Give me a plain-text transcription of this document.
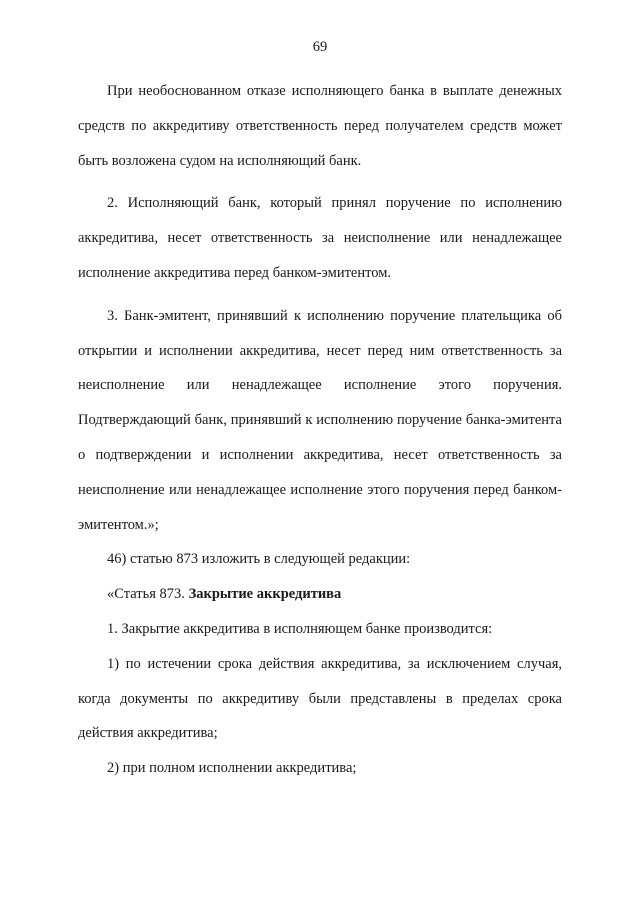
69

При необоснованном отказе исполняющего банка в выплате денежных средств по аккредитиву ответственность перед получателем средств может быть возложена судом на исполняющий банк.

2. Исполняющий банк, который принял поручение по исполнению аккредитива, несет ответственность за неисполнение или ненадлежащее исполнение аккредитива перед банком-эмитентом.

3. Банк-эмитент, принявший к исполнению поручение плательщика об открытии и исполнении аккредитива, несет перед ним ответственность за неисполнение или ненадлежащее исполнение этого поручения. Подтверждающий банк, принявший к исполнению поручение банка-эмитента о подтверждении и исполнении аккредитива, несет ответственность за неисполнение или ненадлежащее исполнение этого поручения перед банком-эмитентом.»;

46) статью 873 изложить в следующей редакции:

«Статья 873. Закрытие аккредитива

1. Закрытие аккредитива в исполняющем банке производится:

1) по истечении срока действия аккредитива, за исключением случая, когда документы по аккредитиву были представлены в пределах срока действия аккредитива;

2) при полном исполнении аккредитива;
